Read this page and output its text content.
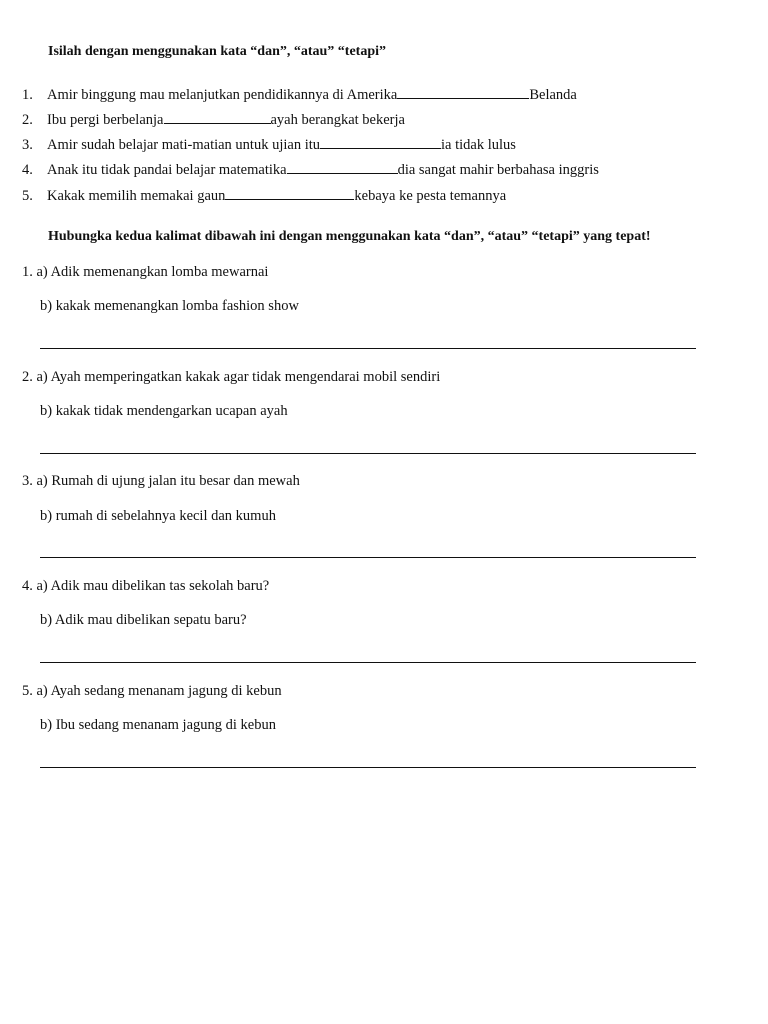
Isilah dengan menggunakan kata “dan”, “atau” “tetapi”
1. Amir binggung mau melanjutkan pendidikannya di Amerika	Belanda
2. Ibu pergi berbelanja	ayah berangkat bekerja
3. Amir sudah belajar mati-matian untuk ujian itu	ia tidak lulus
4. Anak itu tidak pandai belajar matematika	dia sangat mahir berbahasa inggris
5. Kakak memilih memakai gaun	kebaya ke pesta temannya
Hubungka kedua kalimat dibawah ini dengan menggunakan kata “dan”, “atau” “tetapi” yang tepat!
1. a) Adik memenangkan lomba mewarnai
b) kakak memenangkan lomba fashion show
2. a) Ayah memperingatkan kakak agar tidak mengendarai mobil sendiri
b) kakak tidak mendengarkan ucapan ayah
3. a) Rumah di ujung jalan itu besar dan mewah
b) rumah di sebelahnya kecil dan kumuh
4. a) Adik mau dibelikan tas sekolah baru?
b) Adik mau dibelikan sepatu baru?
5. a) Ayah sedang menanam jagung di kebun
b) Ibu sedang menanam jagung di kebun
